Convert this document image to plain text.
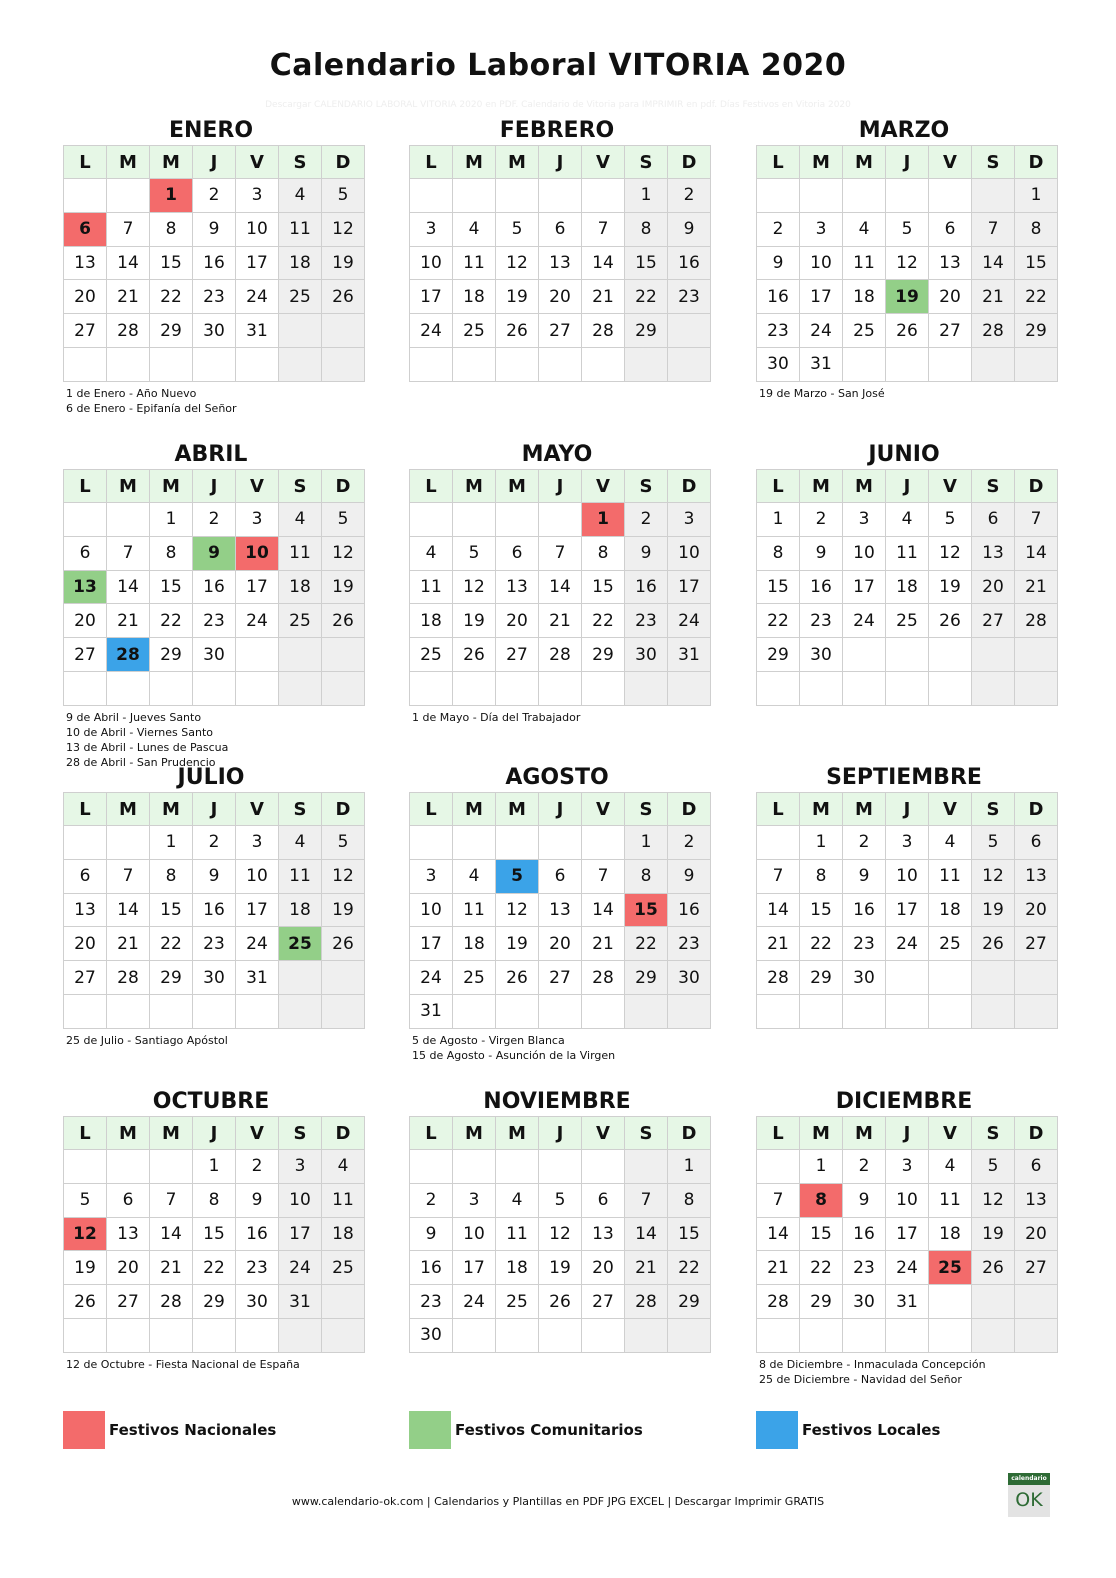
Calendario Laboral VITORIA 2020
Descargar CALENDARIO LABORAL VITORIA 2020 en PDF. Calendario de Vitoria para IMPRIMIR en pdf. Días Festivos en Vitoria 2020
ENERO
L	M	M	J	V	S	D
		1	2	3	4	5
6	7	8	9	10	11	12
13	14	15	16	17	18	19
20	21	22	23	24	25	26
27	28	29	30	31		

1 de Enero - Año Nuevo
6 de Enero - Epifanía del Señor
FEBRERO
L	M	M	J	V	S	D
					1	2
3	4	5	6	7	8	9
10	11	12	13	14	15	16
17	18	19	20	21	22	23
24	25	26	27	28	29	

MARZO
L	M	M	J	V	S	D
						1
2	3	4	5	6	7	8
9	10	11	12	13	14	15
16	17	18	19	20	21	22
23	24	25	26	27	28	29
30	31					
19 de Marzo - San José
ABRIL
L	M	M	J	V	S	D
		1	2	3	4	5
6	7	8	9	10	11	12
13	14	15	16	17	18	19
20	21	22	23	24	25	26
27	28	29	30			

9 de Abril - Jueves Santo
10 de Abril - Viernes Santo
13 de Abril - Lunes de Pascua
28 de Abril - San Prudencio
MAYO
L	M	M	J	V	S	D
				1	2	3
4	5	6	7	8	9	10
11	12	13	14	15	16	17
18	19	20	21	22	23	24
25	26	27	28	29	30	31

1 de Mayo - Día del Trabajador
JUNIO
L	M	M	J	V	S	D
1	2	3	4	5	6	7
8	9	10	11	12	13	14
15	16	17	18	19	20	21
22	23	24	25	26	27	28
29	30					

JULIO
L	M	M	J	V	S	D
		1	2	3	4	5
6	7	8	9	10	11	12
13	14	15	16	17	18	19
20	21	22	23	24	25	26
27	28	29	30	31		

25 de Julio - Santiago Apóstol
AGOSTO
L	M	M	J	V	S	D
					1	2
3	4	5	6	7	8	9
10	11	12	13	14	15	16
17	18	19	20	21	22	23
24	25	26	27	28	29	30
31						
5 de Agosto - Virgen Blanca
15 de Agosto - Asunción de la Virgen
SEPTIEMBRE
L	M	M	J	V	S	D
	1	2	3	4	5	6
7	8	9	10	11	12	13
14	15	16	17	18	19	20
21	22	23	24	25	26	27
28	29	30				

OCTUBRE
L	M	M	J	V	S	D
			1	2	3	4
5	6	7	8	9	10	11
12	13	14	15	16	17	18
19	20	21	22	23	24	25
26	27	28	29	30	31	

12 de Octubre - Fiesta Nacional de España
NOVIEMBRE
L	M	M	J	V	S	D
						1
2	3	4	5	6	7	8
9	10	11	12	13	14	15
16	17	18	19	20	21	22
23	24	25	26	27	28	29
30						
DICIEMBRE
L	M	M	J	V	S	D
	1	2	3	4	5	6
7	8	9	10	11	12	13
14	15	16	17	18	19	20
21	22	23	24	25	26	27
28	29	30	31			

8 de Diciembre - Inmaculada Concepción
25 de Diciembre - Navidad del Señor
Festivos Nacionales	Festivos Comunitarios	Festivos Locales
www.calendario-ok.com | Calendarios y Plantillas en PDF JPG EXCEL | Descargar Imprimir GRATIS
calendario
OK
